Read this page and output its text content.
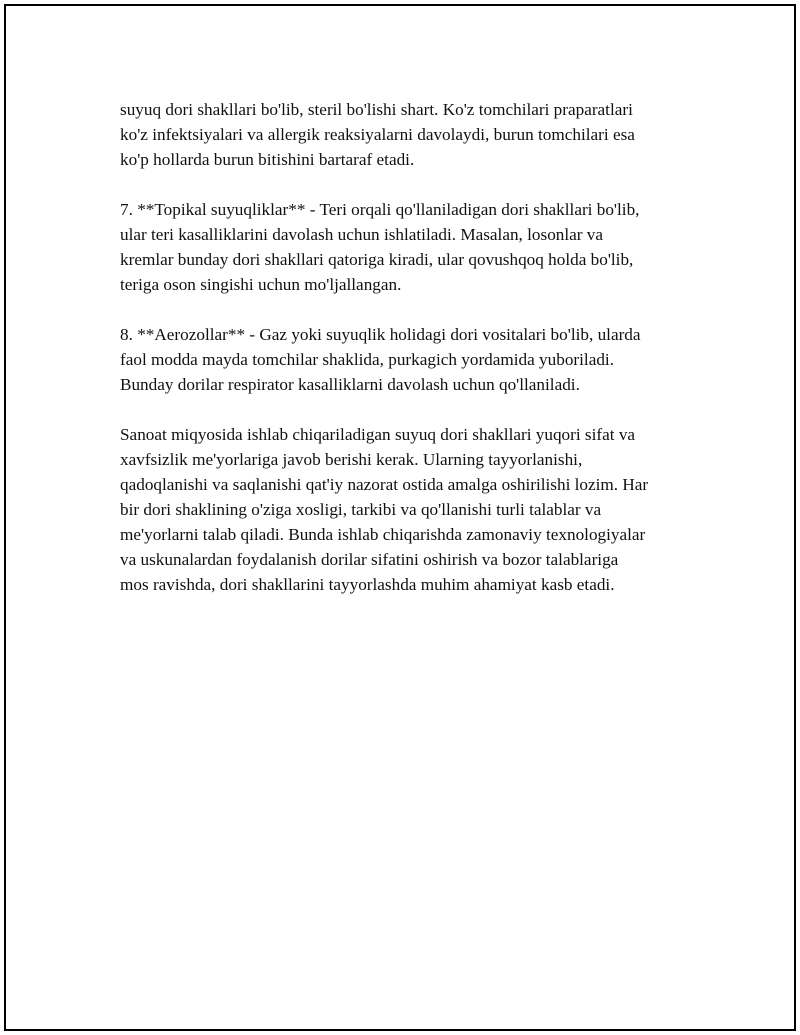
suyuq dori shakllari bo'lib, steril bo'lishi shart. Ko'z tomchilari praparatlari
ko'z infektsiyalari va allergik reaksiyalarni davolaydi, burun tomchilari esa
ko'p hollarda burun bitishini bartaraf etadi.

7. **Topikal suyuqliklar** - Teri orqali qo'llaniladigan dori shakllari bo'lib,
ular teri kasalliklarini davolash uchun ishlatiladi. Masalan, losonlar va
kremlar bunday dori shakllari qatoriga kiradi, ular qovushqoq holda bo'lib,
teriga oson singishi uchun mo'ljallangan.

8. **Aerozollar** - Gaz yoki suyuqlik holidagi dori vositalari bo'lib, ularda
faol modda mayda tomchilar shaklida, purkagich yordamida yuboriladi.
Bunday dorilar respirator kasalliklarni davolash uchun qo'llaniladi.

Sanoat miqyosida ishlab chiqariladigan suyuq dori shakllari yuqori sifat va
xavfsizlik me'yorlariga javob berishi kerak. Ularning tayyorlanishi,
qadoqlanishi va saqlanishi qat'iy nazorat ostida amalga oshirilishi lozim. Har
bir dori shaklining o'ziga xosligi, tarkibi va qo'llanishi turli talablar va
me'yorlarni talab qiladi. Bunda ishlab chiqarishda zamonaviy texnologiyalar
va uskunalardan foydalanish dorilar sifatini oshirish va bozor talablariga
mos ravishda, dori shakllarini tayyorlashda muhim ahamiyat kasb etadi.
